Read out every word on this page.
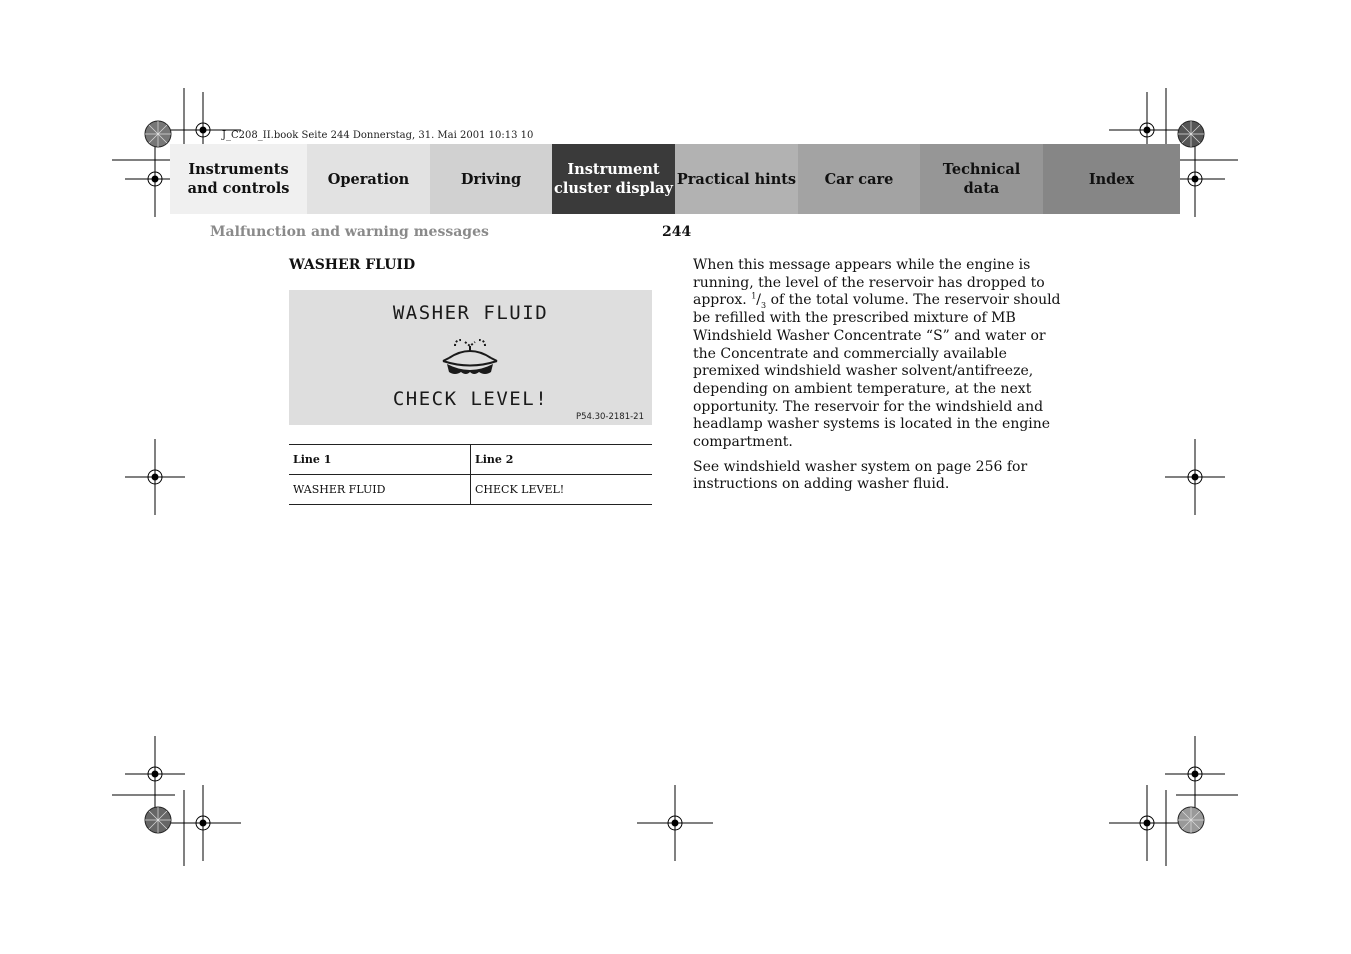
J_C208_II.book Seite 244 Donnerstag, 31. Mai 2001 10:13 10
Instruments
and controls
Operation	Driving
Instrument
cluster display
Practical hints Car care
Technical
data
Index
Malfunction and warning messages	244
WASHER FLUID
WASHER FLUID
CHECK LEVEL!
P54.30-2181-21
Line 1	Line 2
WASHER FLUID	CHECK LEVEL!

When this message appears while the engine is running, the level of the reservoir has dropped to approx. $^1/_3$ of the total volume. The reservoir should be refilled with the prescribed mixture of MB Windshield Washer Concentrate “S” and water or the Concentrate and commercially available premixed windshield washer solvent/antifreeze, depending on ambient temperature, at the next opportunity. The reservoir for the windshield and headlamp washer systems is located in the engine compartment.

See windshield washer system on page 256 for instructions on adding washer fluid.
